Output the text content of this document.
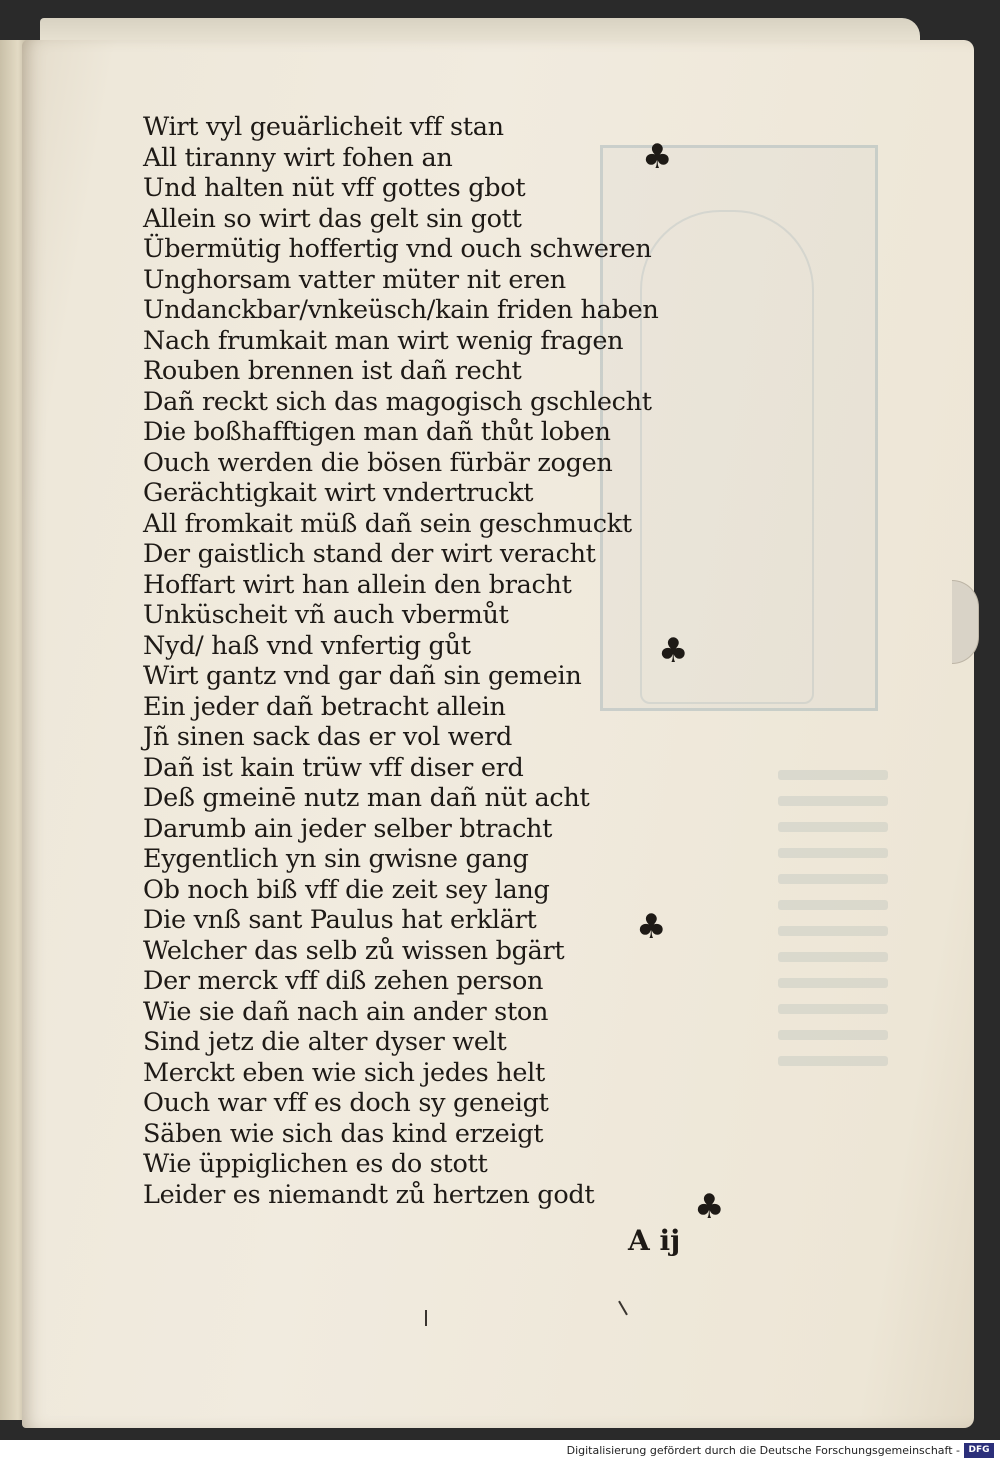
Wirt vyl geuärlicheit vff stan
All tiranny wirt fohen an
Und halten nüt vff gottes gbot
Allein so wirt das gelt sin gott
Übermütig hoffertig vnd ouch schweren
Unghorsam vatter müter nit eren
Undanckbar/vnkeüsch/kain friden haben
Nach frumkait man wirt wenig fragen
Rouben brennen ist dañ recht
Dañ reckt sich das magogisch gschlecht
Die boßhafftigen man dañ thůt loben
Ouch werden die bösen fürbär zogen
Gerächtigkait wirt vndertruckt
All fromkait müß dañ sein geschmuckt
Der gaistlich stand der wirt veracht
Hoffart wirt han allein den bracht
Unküscheit vñ auch vbermůt
Nyd/ haß vnd vnfertig gůt
Wirt gantz vnd gar dañ sin gemein
Ein jeder dañ betracht allein
Jñ sinen sack das er vol werd
Dañ ist kain trüw vff diser erd
Deß gmeinē nutz man dañ nüt acht
Darumb ain jeder selber btracht
Eygentlich yn sin gwisne gang
Ob noch biß vff die zeit sey lang
Die vnß sant Paulus hat erklärt
Welcher das selb zů wissen bgärt
Der merck vff diß zehen person
Wie sie dañ nach ain ander ston
Sind jetz die alter dyser welt
Merckt eben wie sich jedes helt
Ouch war vff es doch sy geneigt
Säben wie sich das kind erzeigt
Wie üppiglichen es do stott
Leider es niemandt zů hertzen godt
♣
♣
♣
♣
A ij
Digitalisierung gefördert durch die Deutsche Forschungsgemeinschaft - DFG
